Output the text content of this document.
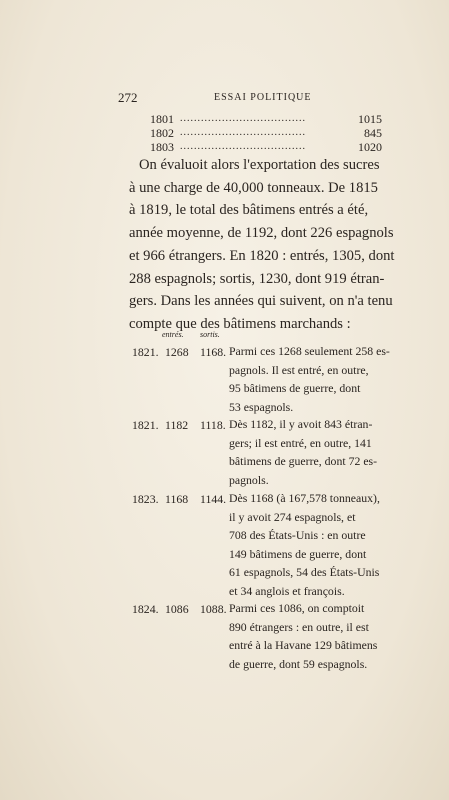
272	ESSAI POLITIQUE
1801 ....................................	1015
1802 ....................................	845
1803 ....................................	1020
On évaluoit alors l'exportation des sucres
à une charge de 40,000 tonneaux. De 1815
à 1819, le total des bâtimens entrés a été,
année moyenne, de 1192, dont 226 espagnols
et 966 étrangers. En 1820 : entrés, 1305, dont
288 espagnols; sortis, 1230, dont 919 étran-
gers. Dans les années qui suivent, on n'a tenu
compte que des bâtimens marchands :
entrés. sortis.
1821. 1268 1168. Parmi ces 1268 seulement 258 es-
pagnols. Il est entré, en outre,
95 bâtimens de guerre, dont
53 espagnols.
1821. 1182 1118. Dès 1182, il y avoit 843 étran-
gers; il est entré, en outre, 141
bâtimens de guerre, dont 72 es-
pagnols.
1823. 1168 1144. Dès 1168 (à 167,578 tonneaux),
il y avoit 274 espagnols, et
708 des États-Unis : en outre
149 bâtimens de guerre, dont
61 espagnols, 54 des États-Unis
et 34 anglois et françois.
1824. 1086 1088. Parmi ces 1086, on comptoit
890 étrangers : en outre, il est
entré à la Havane 129 bâtimens
de guerre, dont 59 espagnols.
